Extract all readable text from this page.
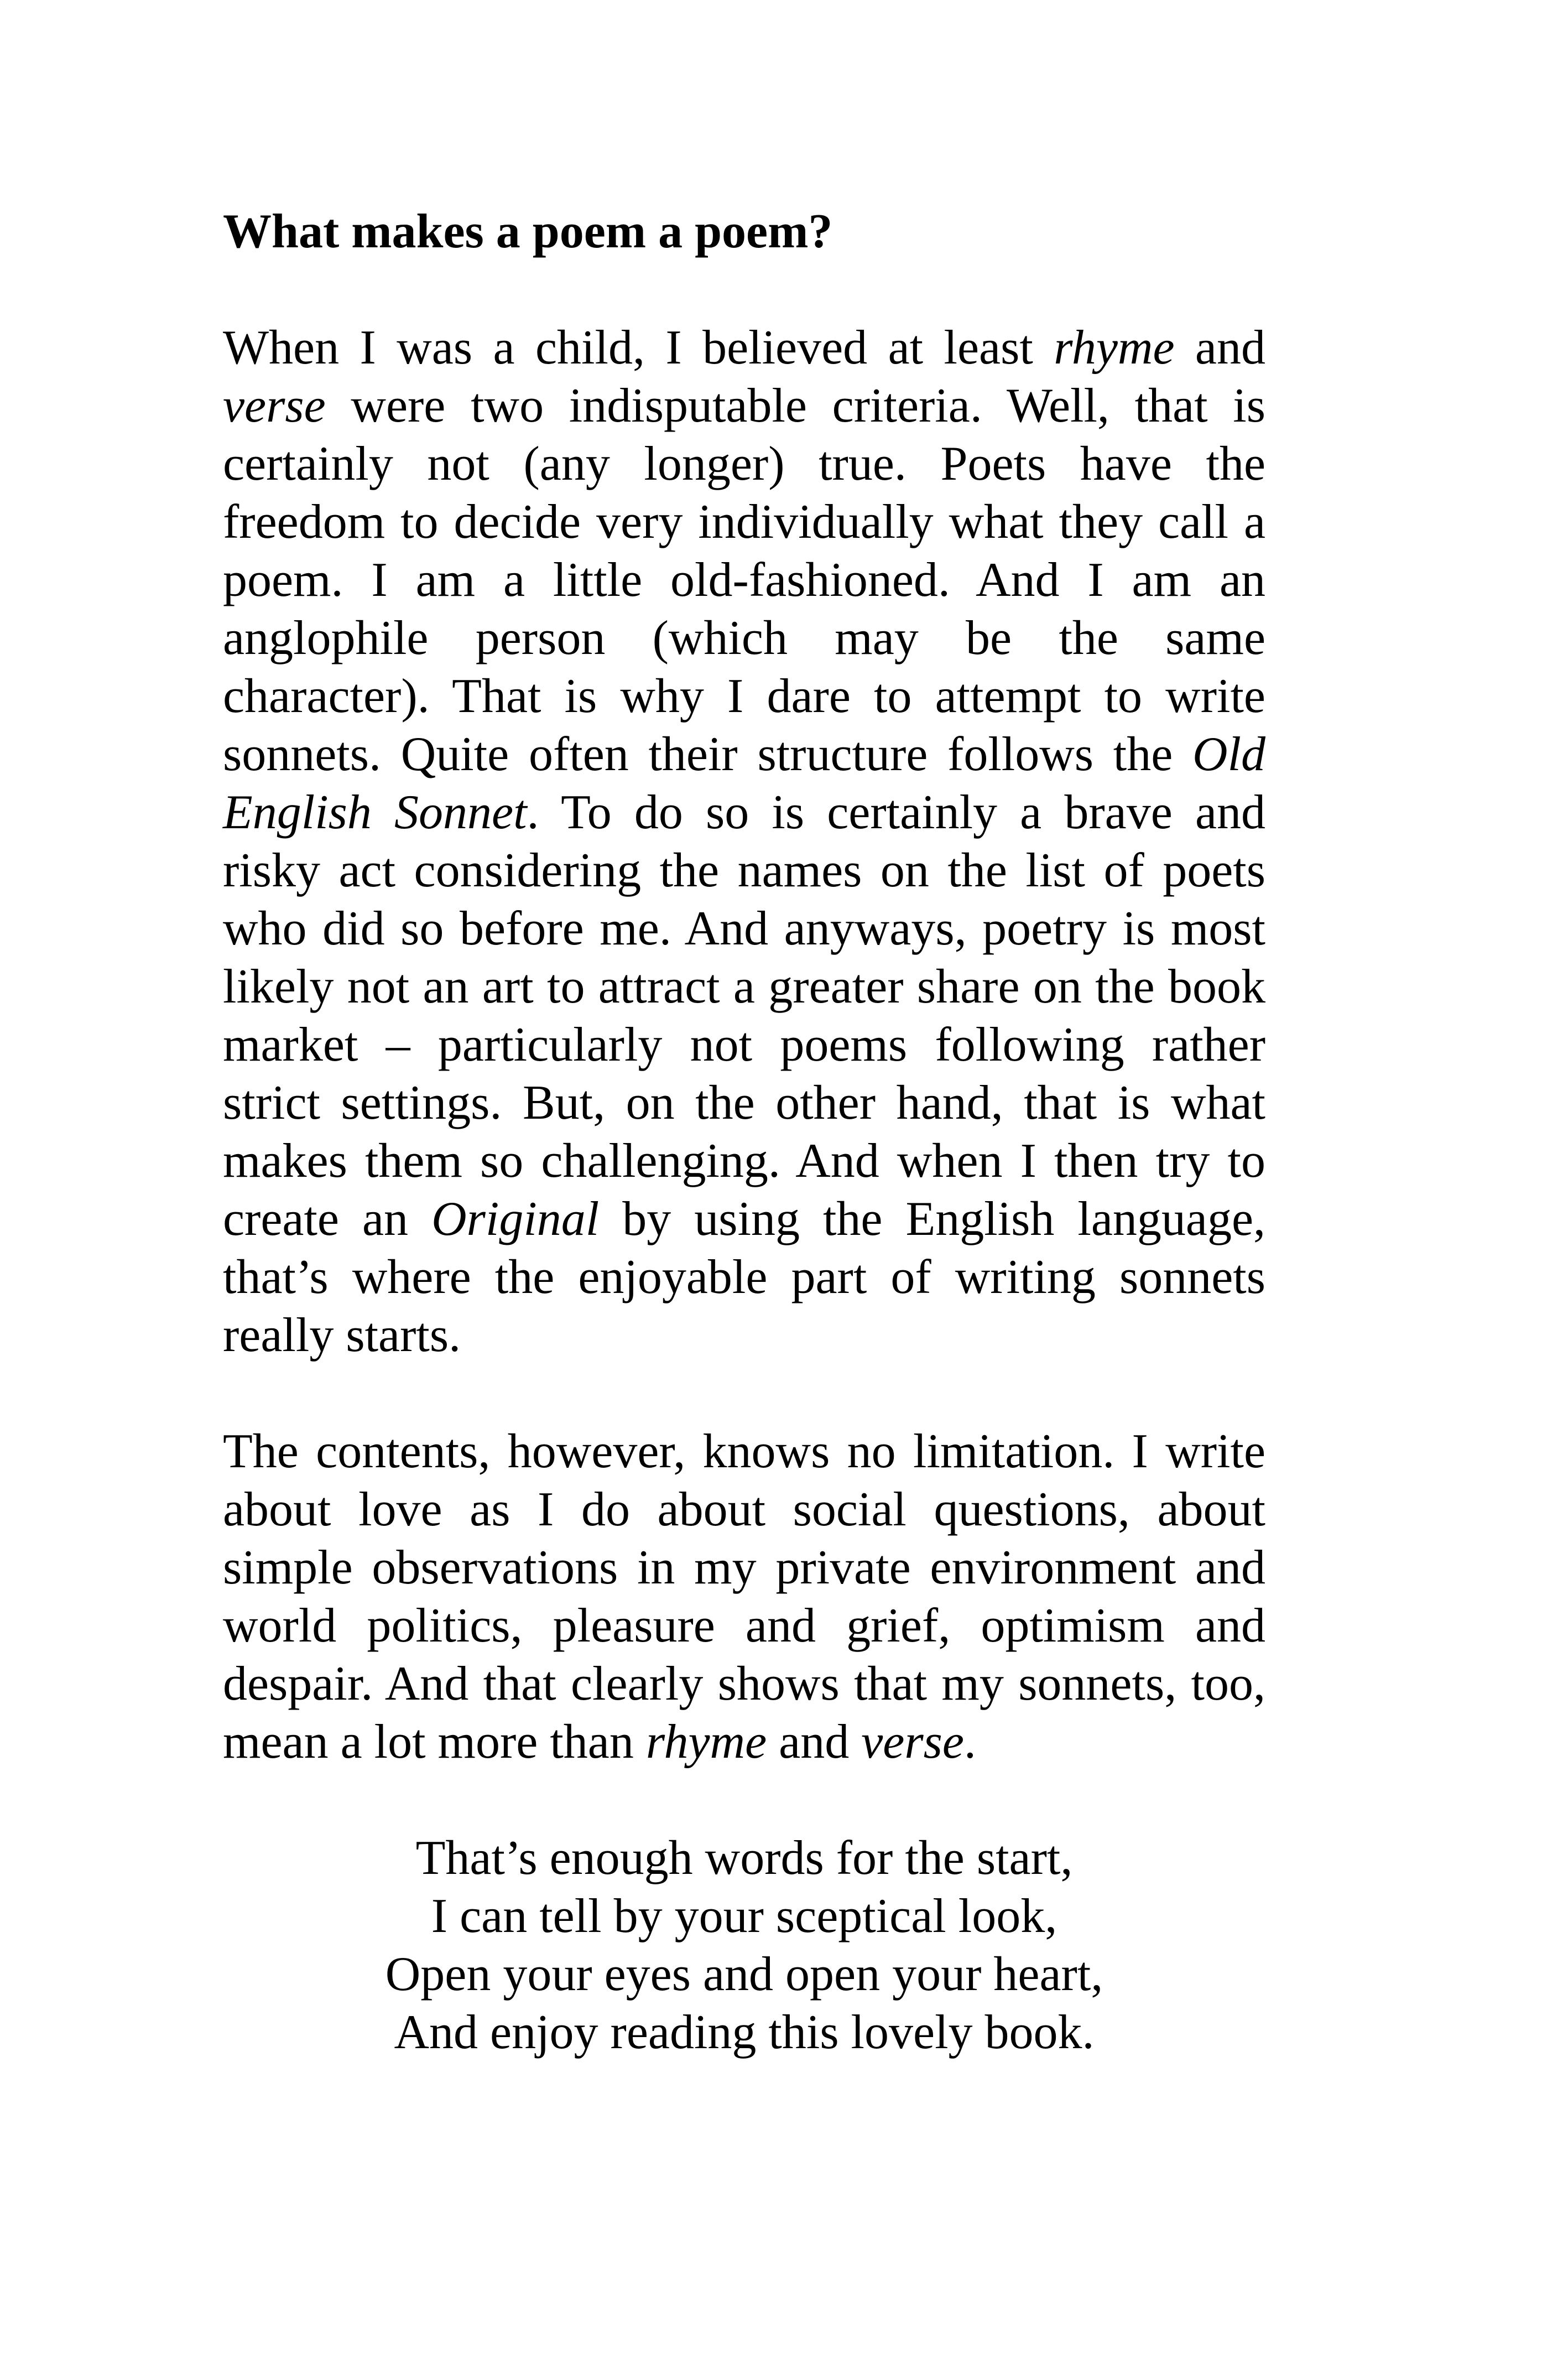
What makes a poem a poem?

When I was a child, I believed at least rhyme and verse were two indisputable criteria. Well, that is certainly not (any longer) true. Poets have the freedom to decide very individually what they call a poem. I am a little old-fashioned. And I am an anglophile person (which may be the same character). That is why I dare to attempt to write sonnets. Quite often their structure follows the Old English Sonnet. To do so is certainly a brave and risky act considering the names on the list of poets who did so before me. And anyways, poetry is most likely not an art to attract a greater share on the book market – particularly not poems following rather strict settings. But, on the other hand, that is what makes them so challenging. And when I then try to create an Original by using the English language, that’s where the enjoyable part of writing sonnets really starts.

The contents, however, knows no limitation. I write about love as I do about social questions, about simple observations in my private environment and world politics, pleasure and grief, optimism and despair. And that clearly shows that my sonnets, too, mean a lot more than rhyme and verse.

That’s enough words for the start,
I can tell by your sceptical look,
Open your eyes and open your heart,
And enjoy reading this lovely book.
